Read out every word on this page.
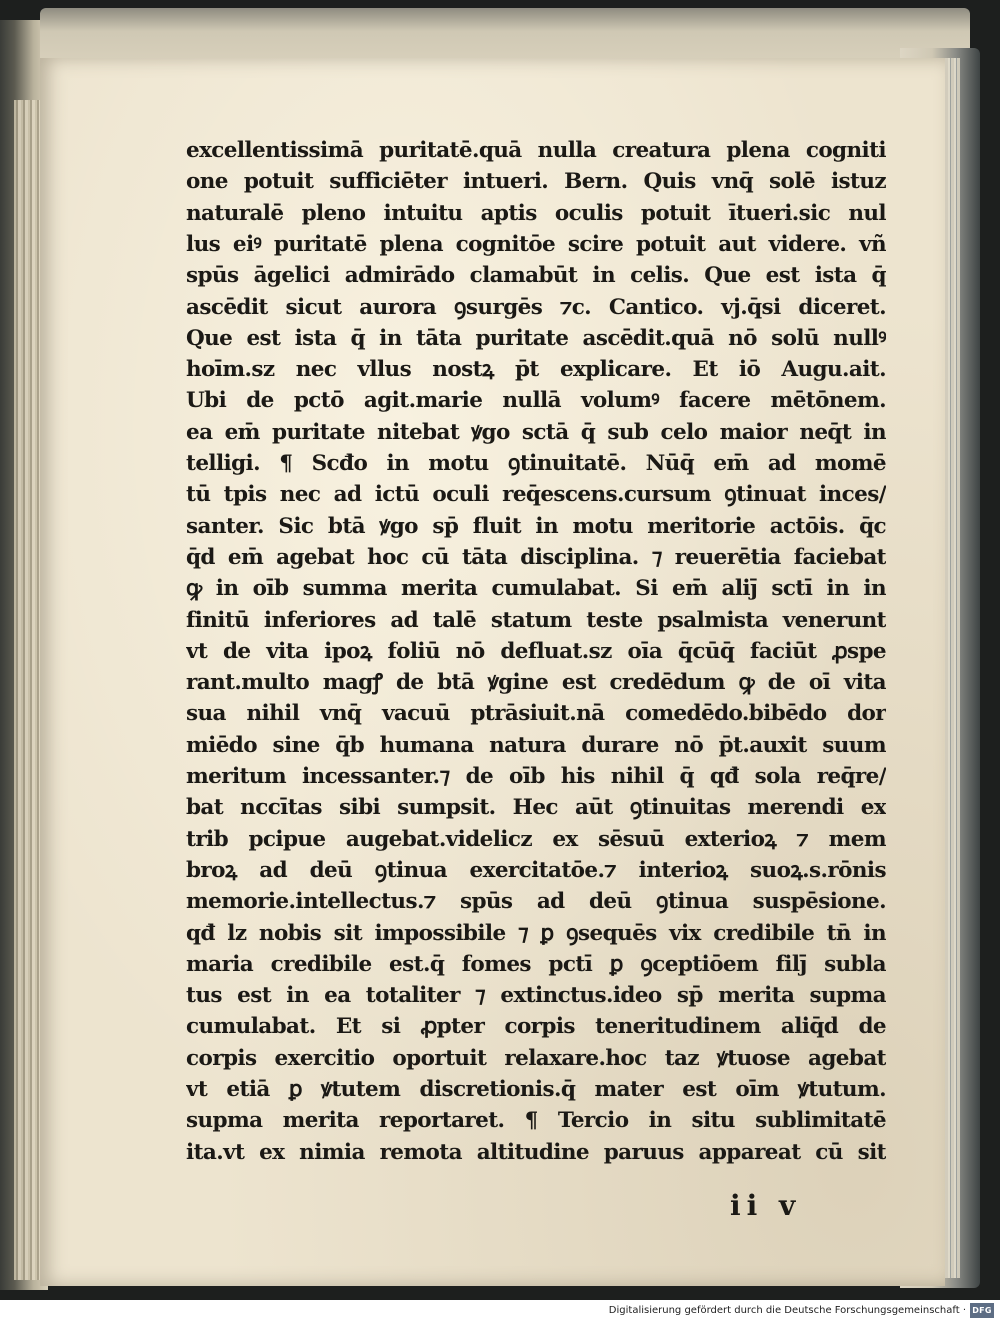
excellentissimā puritatē.quā nulla creatura plena cogniti
one potuit sufficiēter intueri. Bern. Quis vnq̄ solē istuz
naturalē pleno intuitu aptis oculis potuit ītueri.sic nul
lus eiꝰ puritatē plena cognitōe scire potuit aut videre. vñ
spūs āgelici admirādo clamabūt in celis. Que est ista q̄
ascēdit sicut aurora ꝯsurgēs ⁊c. Cantico. vj.q̄si diceret.
Que est ista q̄ in tāta puritate ascēdit.quā nō solū nullꝰ
hoīm.sz nec vllus nostꝝ p̄t explicare. Et iō Augu.ait.
Ubi de pctō agit.marie nullā volumꝰ facere mētōnem.
ea em̄ puritate nitebat ꝟgo sctā q̄ sub celo maior neq̄t in
telligi. ¶ Scđo in motu ꝯtinuitatē. Nūq̄ em̄ ad momē
tū tpis nec ad ictū oculi req̄escens.cursum ꝯtinuat inces/
santer. Sic btā ꝟgo sp̄ fluit in motu meritorie actōis. q̄c
q̄d em̄ agebat hoc cū tāta disciplina. ⁊ reuerētia faciebat
ꝙ in oīb summa merita cumulabat. Si em̄ aliȷ̄ sctī in in
finitū inferiores ad talē statum teste psalmista venerunt
vt de vita ipoꝝ foliū nō defluat.sz oīa q̄cūq̄ faciūt ꝓspe
rant.multo magꝭ de btā ꝟgine est credēdum ꝙ de oī vita
sua nihil vnq̄ vacuū ptrāsiuit.nā comedēdo.bibēdo dor
miēdo sine q̄b humana natura durare nō p̄t.auxit suum
meritum incessanter.⁊ de oīb his nihil q̄ qđ sola req̄re/
bat nccītas sibi sumpsit. Hec aūt ꝯtinuitas merendi ex
trib pcipue augebat.videlicz ex sēsuū exterioꝝ ⁊ mem
broꝝ ad deū ꝯtinua exercitatōe.⁊ interioꝝ suoꝝ.s.rōnis
memorie.intellectus.⁊ spūs ad deū ꝯtinua suspēsione.
qđ lz nobis sit impossibile ⁊ ꝑ ꝯsequēs vix credibile tn̄ in
maria credibile est.q̄ fomes pctī ꝑ ꝯceptiōem filȷ̄ subla
tus est in ea totaliter ⁊ extinctus.ideo sp̄ merita supma
cumulabat. Et si ꝓpter corpis teneritudinem aliq̄d de
corpis exercitio oportuit relaxare.hoc taz ꝟtuose agebat
vt etiā ꝑ ꝟtutem discretionis.q̄ mater est oīm ꝟtutum.
supma merita reportaret. ¶ Tercio in situ sublimitatē
ita.vt ex nimia remota altitudine paruus appareat cū sit
ii v
Digitalisierung gefördert durch die Deutsche Forschungsgemeinschaft · DFG
